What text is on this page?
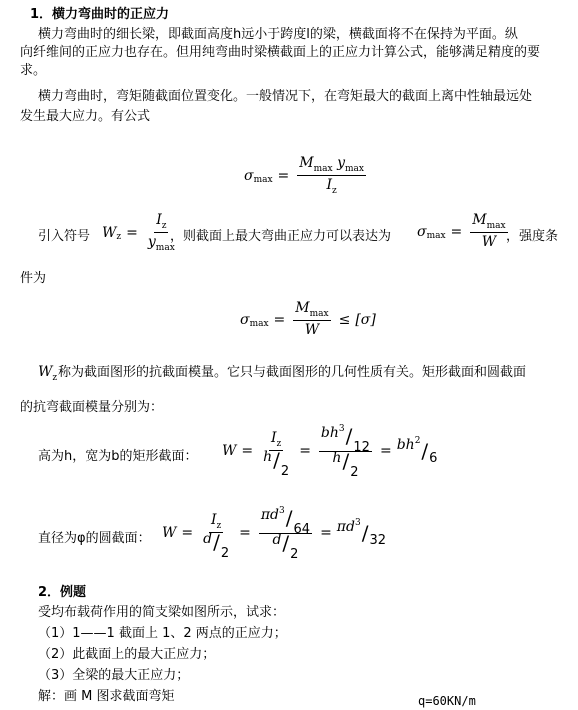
1．横力弯曲时的正应力
横力弯曲时的细长梁，即截面高度h远小于跨度l的梁，横截面将不在保持为平面。纵
向纤维间的正应力也存在。但用纯弯曲时梁横截面上的正应力计算公式，能够满足精度的要
求。
横力弯曲时，弯矩随截面位置变化。一般情况下，在弯矩最大的截面上离中性轴最远处
发生最大应力。有公式
σ $\max = \frac{M_{max} y_{max}}{I_z}$
引入符号 W $z = \frac{I_z}{y_{max}}$
，则截面上最大弯曲正应力可以表达为 σ $\max = \frac{M_{max}}{W}$
，强度条
件为
σ $\max = \frac{M_{max}}{W} \le [\sigma]$
$W_z$ 称为截面图形的抗截面模量。它只与截面图形的几何性质有关。矩形截面和圆截面
的抗弯截面模量分别为：
高为h，宽为b的矩形截面： $W = \frac{I_z}{h/2} = \frac{bh^3/12}{h/2} = bh^2 / 6$
直径为φ的圆截面： $W = \frac{I_z}{d/2} = \frac{\pi d^3/64}{d/2} = \pi d^3 / 32$
2．例题
受均布载荷作用的简支梁如图所示，试求：
（1）1——1 截面上 1、2 两点的正应力；
（2）此截面上的最大正应力；
（3）全梁的最大正应力；
解：画 M 图求截面弯矩	q=60KN/m
